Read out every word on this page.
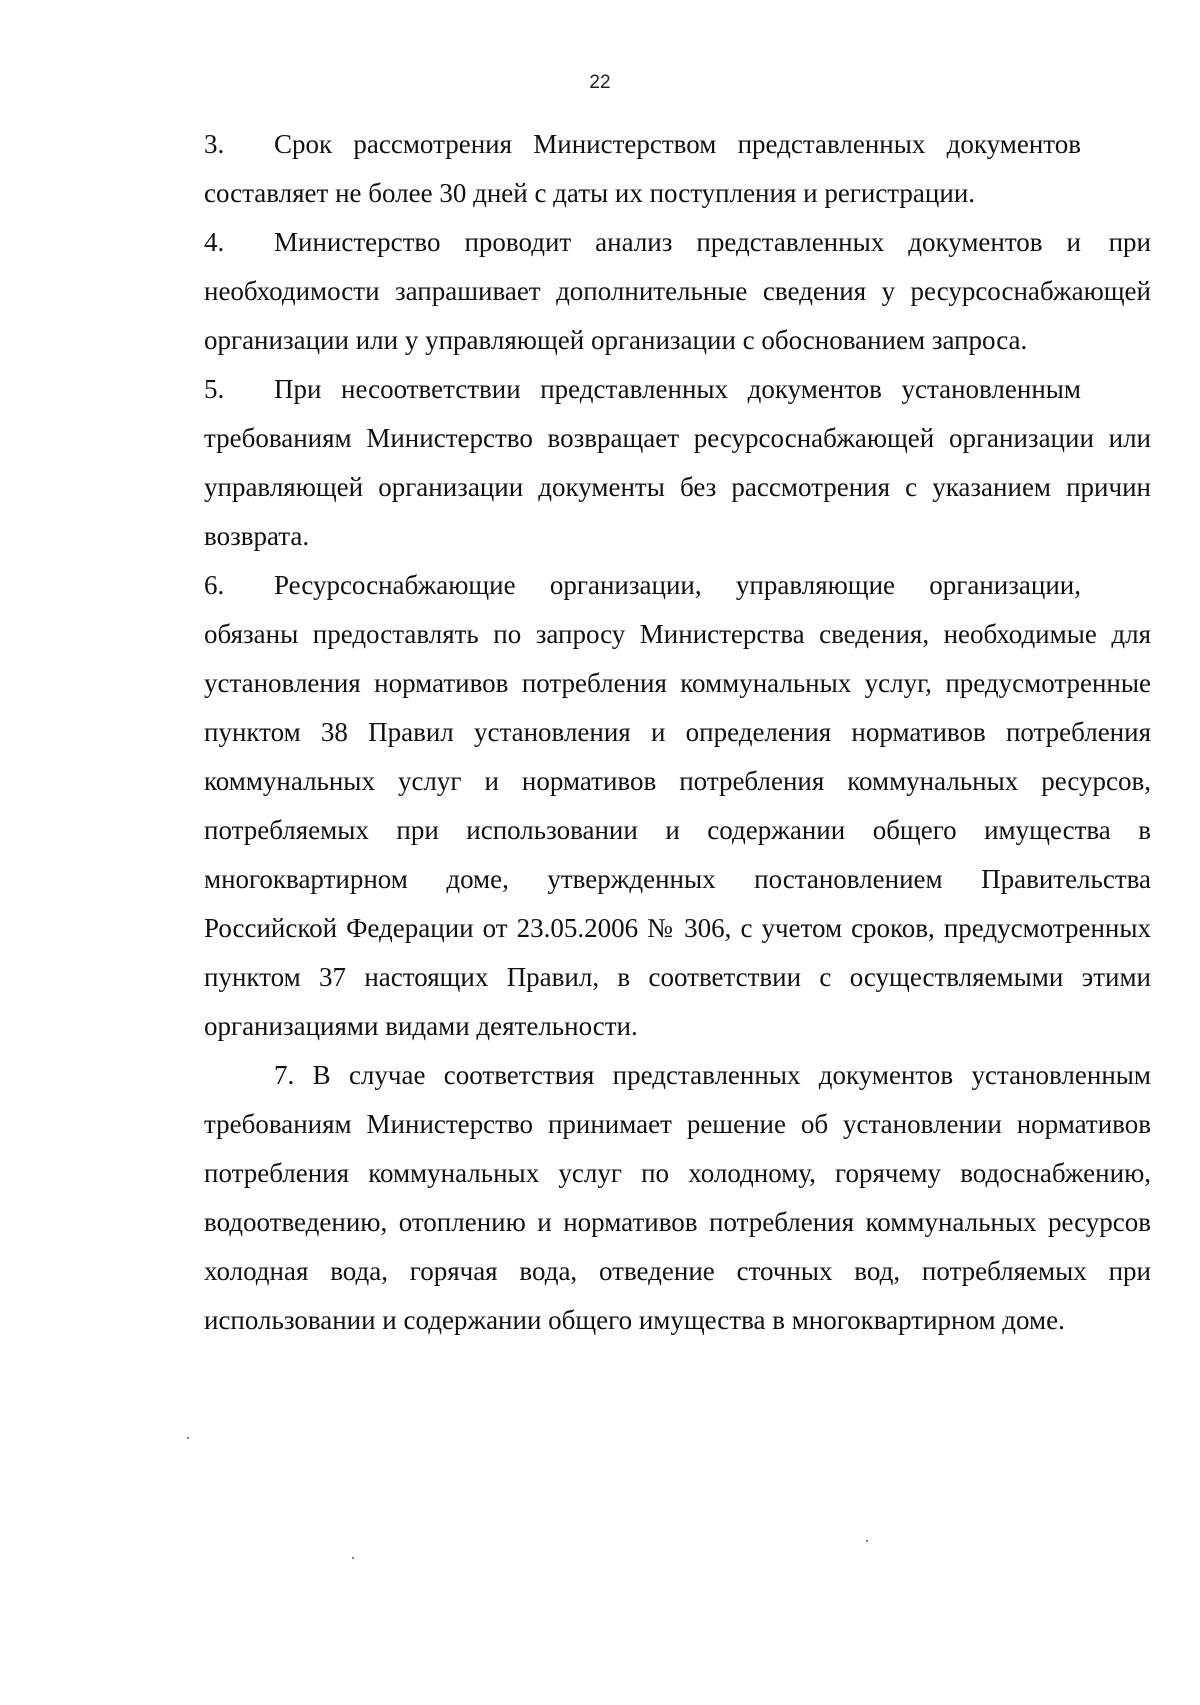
22

3. Срок рассмотрения Министерством представленных документов составляет не более 30 дней с даты их поступления и регистрации.

4. Министерство проводит анализ представленных документов и при необходимости запрашивает дополнительные сведения у ресурсоснабжающей организации или у управляющей организации с обоснованием запроса.

5. При несоответствии представленных документов установленным требованиям Министерство возвращает ресурсоснабжающей организации или управляющей организации документы без рассмотрения с указанием причин возврата.

6. Ресурсоснабжающие организации, управляющие организации, обязаны предоставлять по запросу Министерства сведения, необходимые для установления нормативов потребления коммунальных услуг, предусмотренные пунктом 38 Правил установления и определения нормативов потребления коммунальных услуг и нормативов потребления коммунальных ресурсов, потребляемых при использовании и содержании общего имущества в многоквартирном доме, утвержденных постановлением Правительства Российской Федерации от 23.05.2006 № 306, с учетом сроков, предусмотренных пунктом 37 настоящих Правил, в соответствии с осуществляемыми этими организациями видами деятельности.

7. В случае соответствия представленных документов установленным требованиям Министерство принимает решение об установлении нормативов потребления коммунальных услуг по холодному, горячему водоснабжению, водоотведению, отоплению и нормативов потребления коммунальных ресурсов холодная вода, горячая вода, отведение сточных вод, потребляемых при использовании и содержании общего имущества в многоквартирном доме.
